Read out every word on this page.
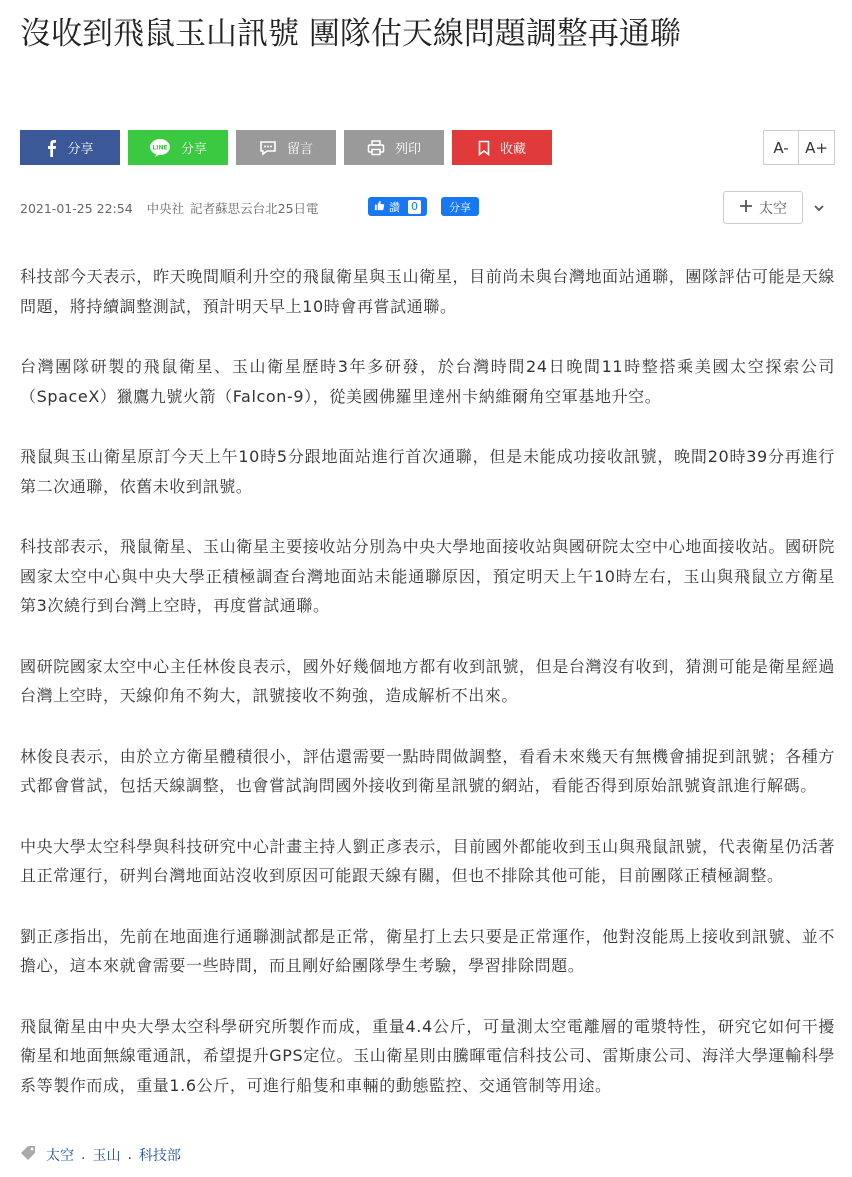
沒收到飛鼠玉山訊號 團隊估天線問題調整再通聯
分享	LINE 分享	留言	列印	收藏	A-	A+
2021-01-25 22:54 中央社 記者蘇思云台北25日電	讚 0	分享	太空

科技部今天表示，昨天晚間順利升空的飛鼠衛星與玉山衛星，目前尚未與台灣地面站通聯，團隊評估可能是天線問題，將持續調整測試，預計明天早上10時會再嘗試通聯。

台灣團隊研製的飛鼠衛星、玉山衛星歷時3年多研發，於台灣時間24日晚間11時整搭乘美國太空探索公司（SpaceX）獵鷹九號火箭（Falcon-9），從美國佛羅里達州卡納維爾角空軍基地升空。

飛鼠與玉山衛星原訂今天上午10時5分跟地面站進行首次通聯，但是未能成功接收訊號，晚間20時39分再進行第二次通聯，依舊未收到訊號。

科技部表示，飛鼠衛星、玉山衛星主要接收站分別為中央大學地面接收站與國研院太空中心地面接收站。國研院國家太空中心與中央大學正積極調查台灣地面站未能通聯原因，預定明天上午10時左右，玉山與飛鼠立方衛星第3次繞行到台灣上空時，再度嘗試通聯。

國研院國家太空中心主任林俊良表示，國外好幾個地方都有收到訊號，但是台灣沒有收到，猜測可能是衛星經過台灣上空時，天線仰角不夠大，訊號接收不夠強，造成解析不出來。

林俊良表示，由於立方衛星體積很小，評估還需要一點時間做調整，看看未來幾天有無機會捕捉到訊號；各種方式都會嘗試，包括天線調整，也會嘗試詢問國外接收到衛星訊號的網站，看能否得到原始訊號資訊進行解碼。

中央大學太空科學與科技研究中心計畫主持人劉正彥表示，目前國外都能收到玉山與飛鼠訊號，代表衛星仍活著且正常運行，研判台灣地面站沒收到原因可能跟天線有關，但也不排除其他可能，目前團隊正積極調整。

劉正彥指出，先前在地面進行通聯測試都是正常，衛星打上去只要是正常運作，他對沒能馬上接收到訊號、並不擔心，這本來就會需要一些時間，而且剛好給團隊學生考驗，學習排除問題。

飛鼠衛星由中央大學太空科學研究所製作而成，重量4.4公斤，可量測太空電離層的電漿特性，研究它如何干擾衛星和地面無線電通訊，希望提升GPS定位。玉山衛星則由騰暉電信科技公司、雷斯康公司、海洋大學運輸科學系等製作而成，重量1.6公斤，可進行船隻和車輛的動態監控、交通管制等用途。

太空 . 玉山 . 科技部
